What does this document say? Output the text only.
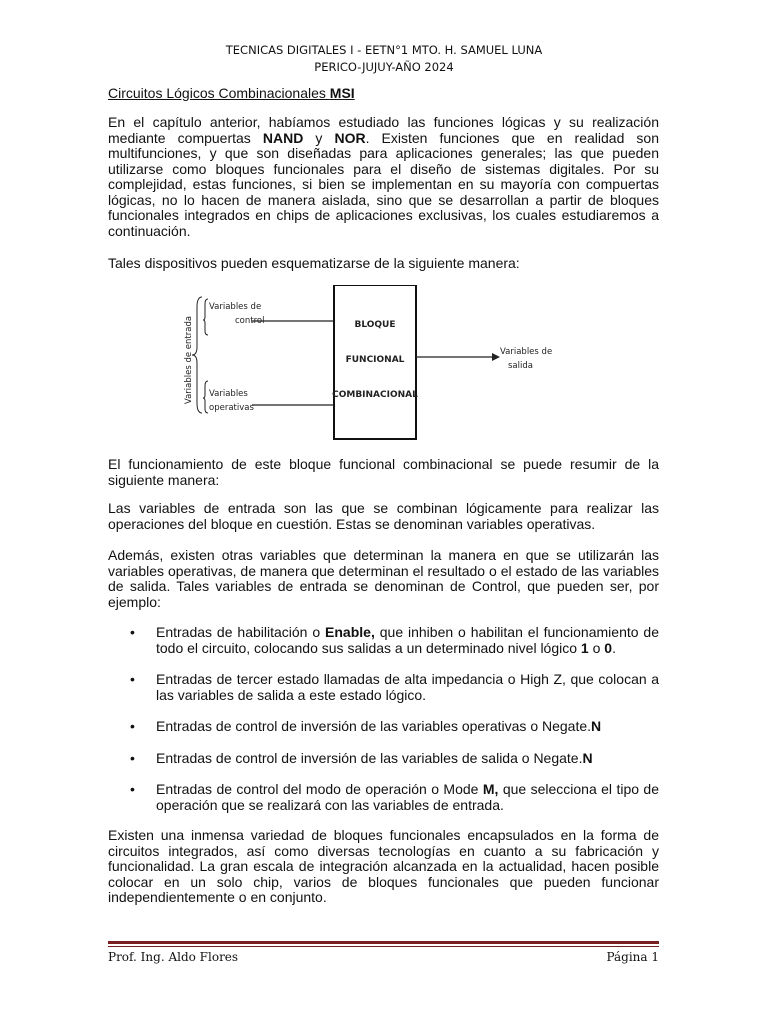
TECNICAS DIGITALES I - EETN°1 MTO. H. SAMUEL LUNA
PERICO-JUJUY-AÑO 2024
Circuitos Lógicos Combinacionales MSI
En el capítulo anterior, habíamos estudiado las funciones lógicas y su realización mediante compuertas NAND y NOR. Existen funciones que en realidad son multifunciones, y que son diseñadas para aplicaciones generales; las que pueden utilizarse como bloques funcionales para el diseño de sistemas digitales. Por su complejidad, estas funciones, si bien se implementan en su mayoría con compuertas lógicas, no lo hacen de manera aislada, sino que se desarrollan a partir de bloques funcionales integrados en chips de aplicaciones exclusivas, los cuales estudiaremos a continuación.
Tales dispositivos pueden esquematizarse de la siguiente manera:
Variables de entrada
Variables de
control
Variables
operativas
BLOQUE
FUNCIONAL
COMBINACIONAL
Variables de
salida
El funcionamiento de este bloque funcional combinacional se puede resumir de la siguiente manera:
Las variables de entrada son las que se combinan lógicamente para realizar las operaciones del bloque en cuestión. Estas se denominan variables operativas.
Además, existen otras variables que determinan la manera en que se utilizarán las variables operativas, de manera que determinan el resultado o el estado de las variables de salida. Tales variables de entrada se denominan de Control, que pueden ser, por ejemplo:
• Entradas de habilitación o Enable, que inhiben o habilitan el funcionamiento de todo el circuito, colocando sus salidas a un determinado nivel lógico 1 o 0.
• Entradas de tercer estado llamadas de alta impedancia o High Z, que colocan a las variables de salida a este estado lógico.
• Entradas de control de inversión de las variables operativas o Negate.N
• Entradas de control de inversión de las variables de salida o Negate.N
• Entradas de control del modo de operación o Mode M, que selecciona el tipo de operación que se realizará con las variables de entrada.
Existen una inmensa variedad de bloques funcionales encapsulados en la forma de circuitos integrados, así como diversas tecnologías en cuanto a su fabricación y funcionalidad. La gran escala de integración alcanzada en la actualidad, hacen posible colocar en un solo chip, varios de bloques funcionales que pueden funcionar independientemente o en conjunto.
Prof. Ing. Aldo Flores	Página 1
